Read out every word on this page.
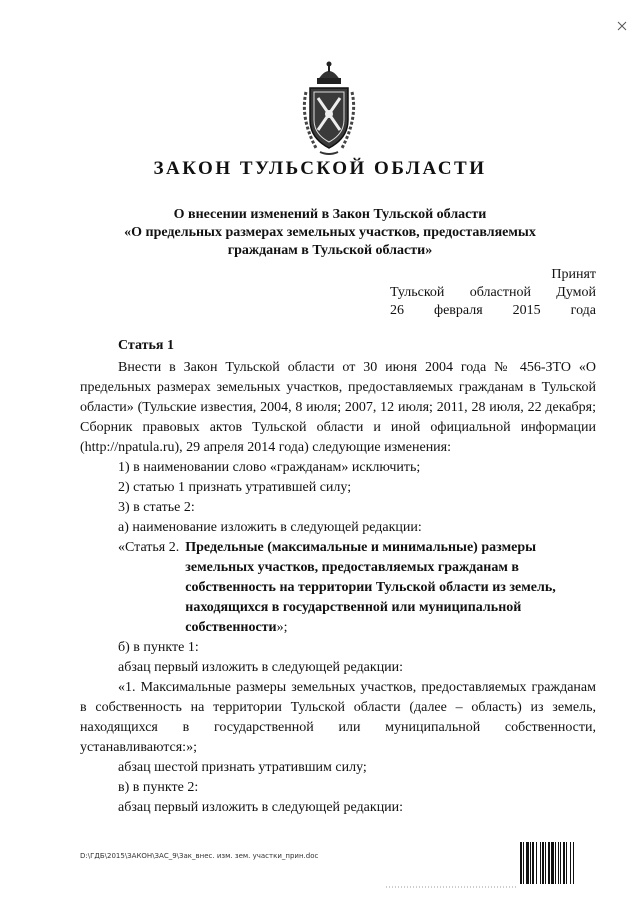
ЗАКОН ТУЛЬСКОЙ ОБЛАСТИ
О внесении изменений в Закон Тульской области
«О предельных размерах земельных участков, предоставляемых
гражданам в Тульской области»
Принят
Тульской областной Думой
26 февраля 2015 года
Статья 1

Внести в Закон Тульской области от 30 июня 2004 года № 456-ЗТО «О предельных размерах земельных участков, предоставляемых гражданам в Тульской области» (Тульские известия, 2004, 8 июля; 2007, 12 июля; 2011, 28 июля, 22 декабря; Сборник правовых актов Тульской области и иной официальной информации (http://npatula.ru), 29 апреля 2014 года) следующие изменения:

1) в наименовании слово «гражданам» исключить;

2) статью 1 признать утратившей силу;

3) в статье 2:

а) наименование изложить в следующей редакции:

«Статья 2. Предельные (максимальные и минимальные) размеры земельных участков, предоставляемых гражданам в собственность на территории Тульской области из земель, находящихся в государственной или муниципальной собственности»;

б) в пункте 1:

абзац первый изложить в следующей редакции:

«1. Максимальные размеры земельных участков, предоставляемых гражданам в собственность на территории Тульской области (далее – область) из земель, находящихся в государственной или муниципальной собственности, устанавливаются:»;

абзац шестой признать утратившим силу;

в) в пункте 2:

абзац первый изложить в следующей редакции:

D:\ГДБ\2015\ЗАКОН\ЗАС_9\Зак_внес. изм. зем. участки_прин.doc
